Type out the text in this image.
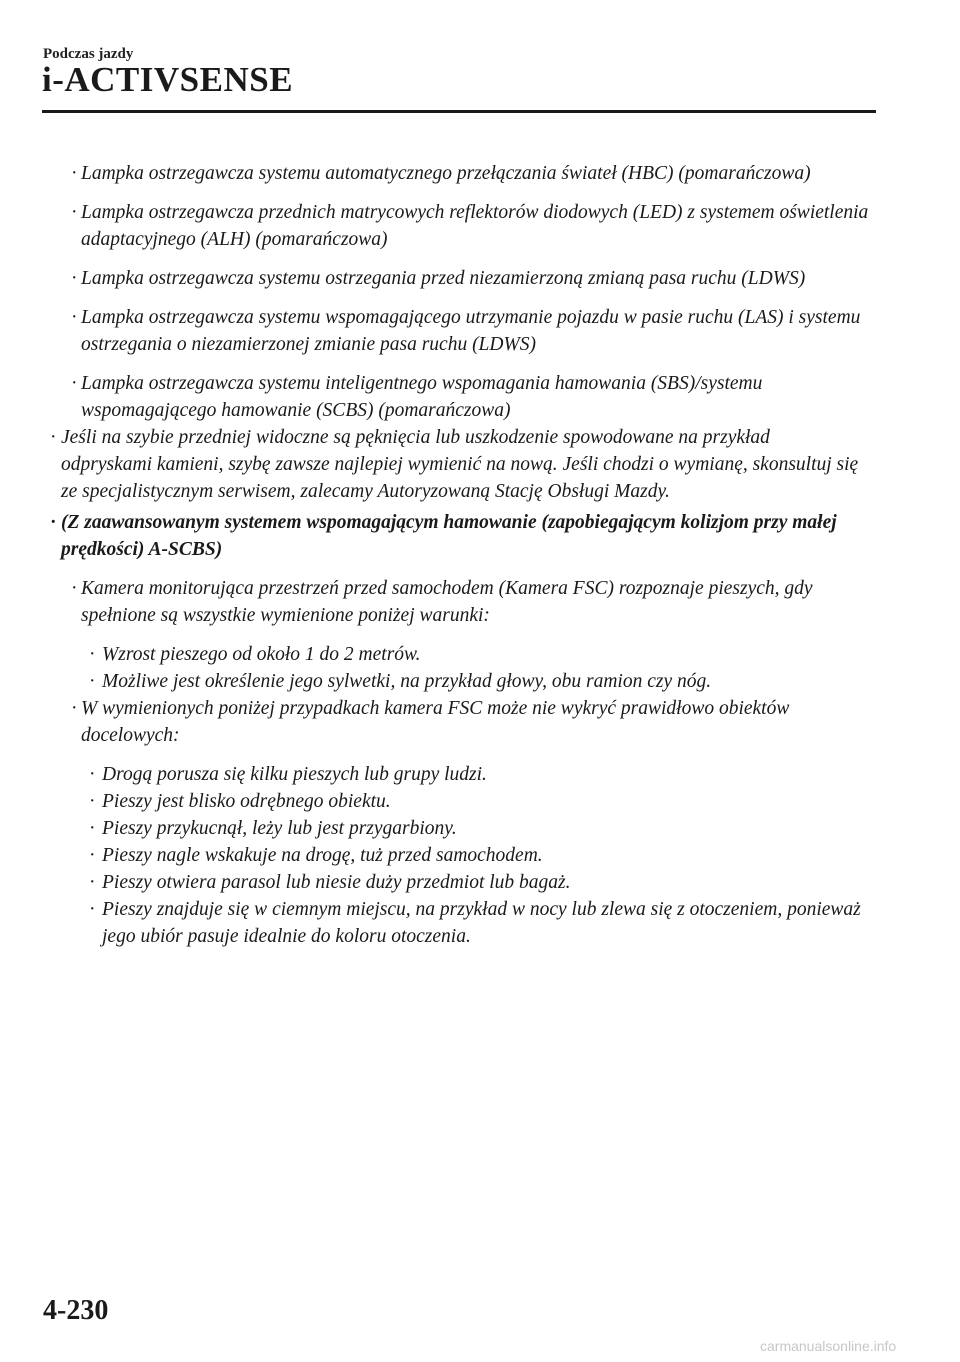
Podczas jazdy
i-ACTIVSENSE
· Lampka ostrzegawcza systemu automatycznego przełączania świateł (HBC) (pomarańczowa)
· Lampka ostrzegawcza przednich matrycowych reflektorów diodowych (LED) z systemem oświetlenia adaptacyjnego (ALH) (pomarańczowa)
· Lampka ostrzegawcza systemu ostrzegania przed niezamierzoną zmianą pasa ruchu (LDWS)
· Lampka ostrzegawcza systemu wspomagającego utrzymanie pojazdu w pasie ruchu (LAS) i systemu ostrzegania o niezamierzonej zmianie pasa ruchu (LDWS)
· Lampka ostrzegawcza systemu inteligentnego wspomagania hamowania (SBS)/systemu wspomagającego hamowanie (SCBS) (pomarańczowa)
· Jeśli na szybie przedniej widoczne są pęknięcia lub uszkodzenie spowodowane na przykład odpryskami kamieni, szybę zawsze najlepiej wymienić na nową. Jeśli chodzi o wymianę, skonsultuj się ze specjalistycznym serwisem, zalecamy Autoryzowaną Stację Obsługi Mazdy.
· (Z zaawansowanym systemem wspomagającym hamowanie (zapobiegającym kolizjom przy małej prędkości) A-SCBS)
· Kamera monitorująca przestrzeń przed samochodem (Kamera FSC) rozpoznaje pieszych, gdy spełnione są wszystkie wymienione poniżej warunki:
· Wzrost pieszego od około 1 do 2 metrów.
· Możliwe jest określenie jego sylwetki, na przykład głowy, obu ramion czy nóg.
· W wymienionych poniżej przypadkach kamera FSC może nie wykryć prawidłowo obiektów docelowych:
· Drogą porusza się kilku pieszych lub grupy ludzi.
· Pieszy jest blisko odrębnego obiektu.
· Pieszy przykucnął, leży lub jest przygarbiony.
· Pieszy nagle wskakuje na drogę, tuż przed samochodem.
· Pieszy otwiera parasol lub niesie duży przedmiot lub bagaż.
· Pieszy znajduje się w ciemnym miejscu, na przykład w nocy lub zlewa się z otoczeniem, ponieważ jego ubiór pasuje idealnie do koloru otoczenia.
4-230
carmanualsonline.info
